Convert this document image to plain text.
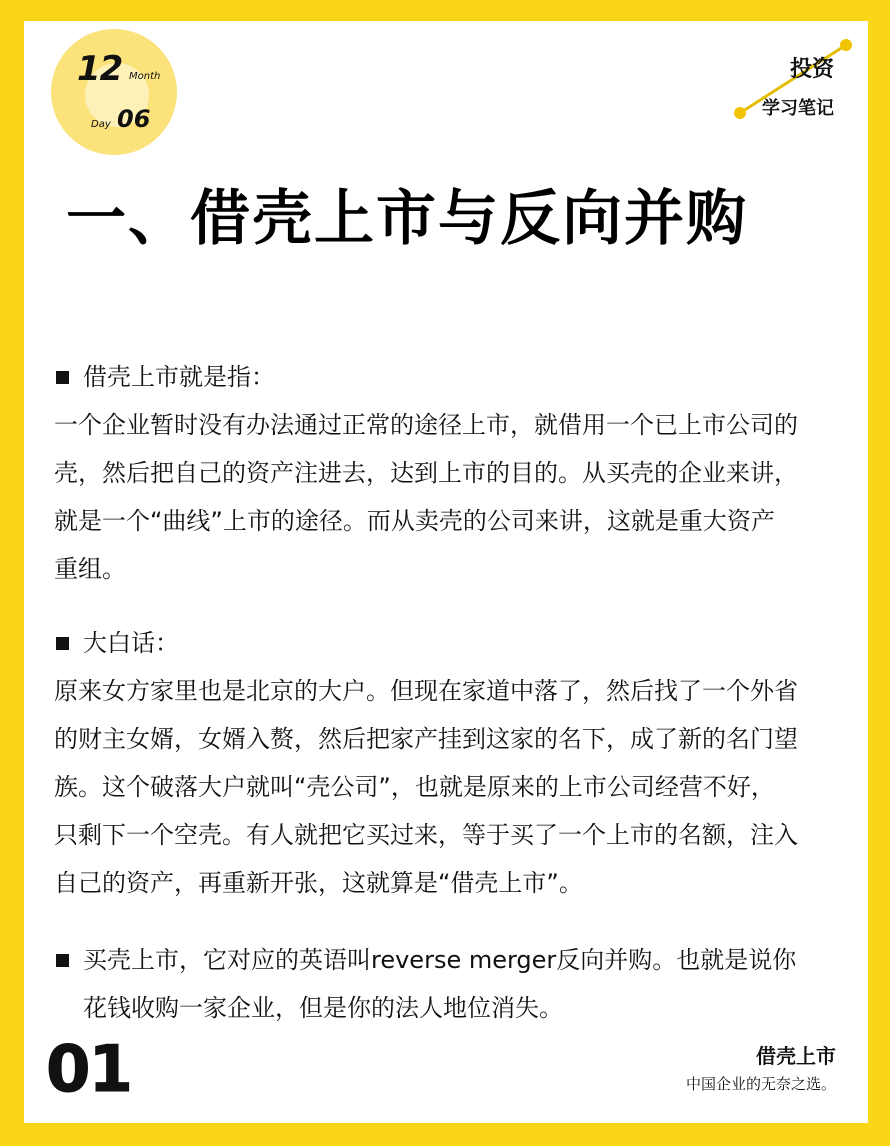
12 Month
Day 06
投资
学习笔记
一、借壳上市与反向并购
借壳上市就是指：

一个企业暂时没有办法通过正常的途径上市，就借用一个已上市公司的

壳，然后把自己的资产注进去，达到上市的目的。从买壳的企业来讲，

就是一个“曲线”上市的途径。而从卖壳的公司来讲，这就是重大资产

重组。

大白话：

原来女方家里也是北京的大户。但现在家道中落了，然后找了一个外省

的财主女婿，女婿入赘，然后把家产挂到这家的名下，成了新的名门望

族。这个破落大户就叫“壳公司”，也就是原来的上市公司经营不好，

只剩下一个空壳。有人就把它买过来，等于买了一个上市的名额，注入

自己的资产，再重新开张，这就算是“借壳上市”。

买壳上市，它对应的英语叫reverse merger反向并购。也就是说你

花钱收购一家企业，但是你的法人地位消失。

01	借壳上市
中国企业的无奈之选。
